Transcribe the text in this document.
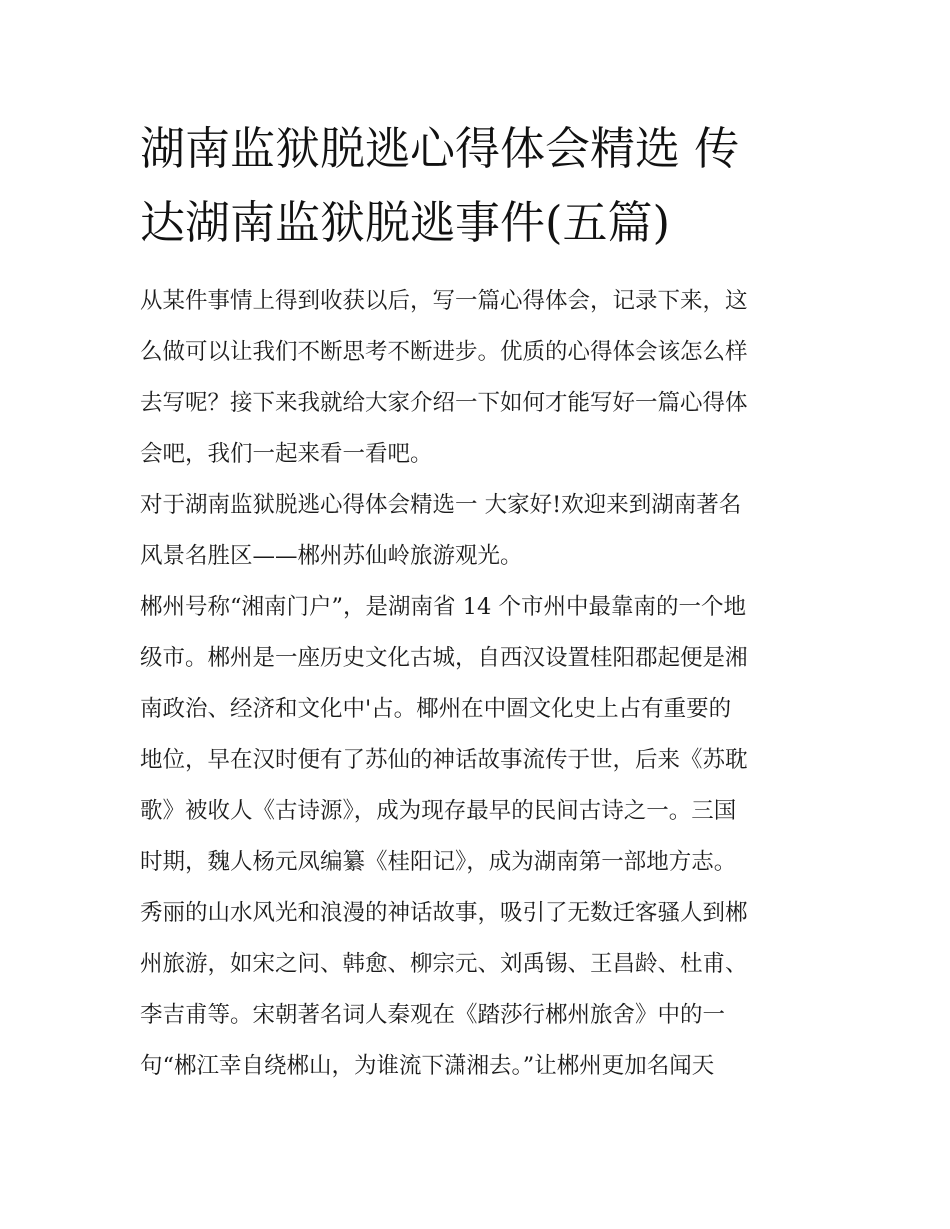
湖南监狱脱逃心得体会精选 传
达湖南监狱脱逃事件(五篇)

从某件事情上得到收获以后，写一篇心得体会，记录下来，这
么做可以让我们不断思考不断进步。优质的心得体会该怎么样
去写呢？接下来我就给大家介绍一下如何才能写好一篇心得体
会吧，我们一起来看一看吧。

对于湖南监狱脱逃心得体会精选一 大家好!欢迎来到湖南著名
风景名胜区——郴州苏仙岭旅游观光。

郴州号称“湘南门户”，是湖南省 14 个市州中最靠南的一个地
级市。郴州是一座历史文化古城，自西汉设置桂阳郡起便是湘
南政治、经济和文化中'占。椰州在中圄文化史上占有重要的
地位，早在汉时便有了苏仙的神话故事流传于世，后来《苏耽
歌》被收人《古诗源》，成为现存最早的民间古诗之一。三国
时期，魏人杨元凤编纂《桂阳记》，成为湖南第一部地方志。
秀丽的山水风光和浪漫的神话故事，吸引了无数迁客骚人到郴
州旅游，如宋之问、韩愈、柳宗元、刘禹锡、王昌龄、杜甫、
李吉甫等。宋朝著名词人秦观在《踏莎行郴州旅舍》中的一
句“郴江幸自绕郴山，为谁流下潇湘去。”让郴州更加名闻天
